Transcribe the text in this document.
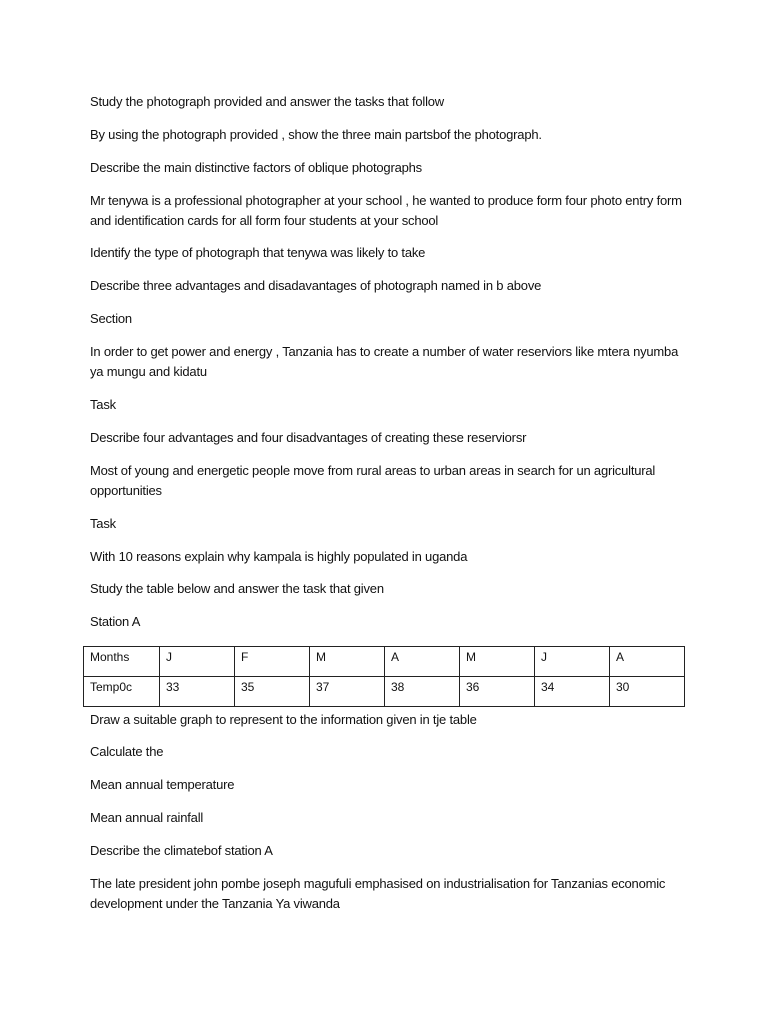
Study the photograph provided and answer the tasks that follow

By using the photograph provided , show the three main partsbof the photograph.

Describe the main distinctive factors of oblique photographs

Mr tenywa is a professional photographer at your school , he wanted to produce form four photo entry form and identification cards for all form four students at your school

Identify the type of photograph that tenywa was likely to take

Describe three advantages and disadavantages of photograph named in b above

Section

In order to get power and energy , Tanzania has to create a number of water reserviors like mtera nyumba ya mungu and kidatu

Task

Describe four advantages and four disadvantages of creating these reserviorsr

Most of young and energetic people move from rural areas to urban areas in search for un agricultural opportunities

Task

With 10 reasons explain why kampala is highly populated in uganda

Study the table below and answer the task that given

Station A

Months	J	F	M	A	M	J	A
Temp0c	33	35	37	38	36	34	30

Draw a suitable graph to represent to the information given in tje table

Calculate the

Mean annual temperature

Mean annual rainfall

Describe the climatebof station A

The late president john pombe joseph magufuli emphasised on industrialisation for Tanzanias economic development under the Tanzania Ya viwanda
